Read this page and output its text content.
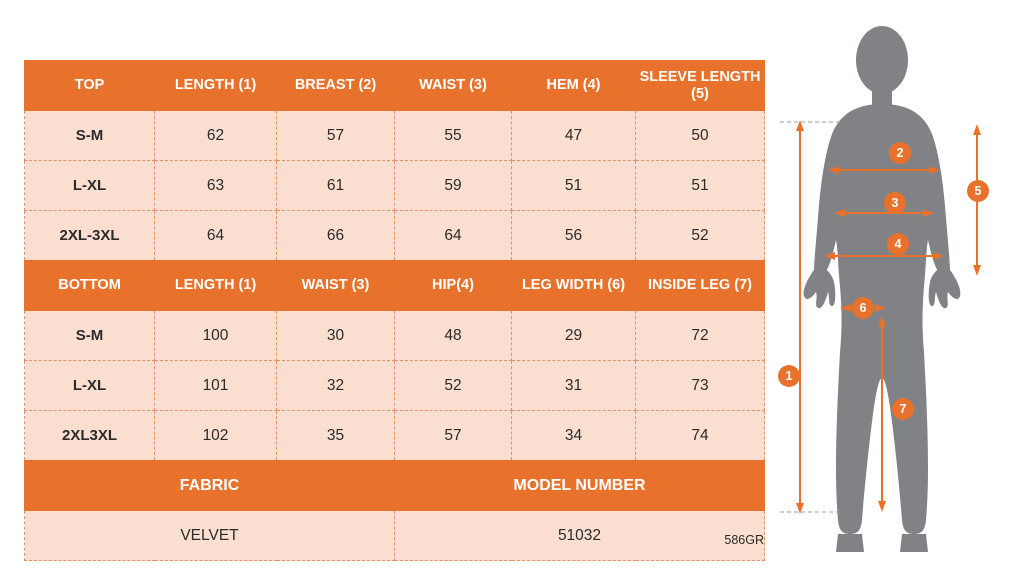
TOP	LENGTH (1)	BREAST (2)	WAIST (3)	HEM (4)	SLEEVE LENGTH (5)
S-M	62	57	55	47	50
L-XL	63	61	59	51	51
2XL-3XL	64	66	64	56	52
BOTTOM	LENGTH (1)	WAIST (3)	HIP(4)	LEG WIDTH (6)	INSIDE LEG (7)
S-M	100	30	48	29	72
L-XL	101	32	52	31	73
2XL3XL	102	35	57	34	74
FABRIC			MODEL NUMBER		
VELVET			51032			586GR
1
2
3
4
5
6
7
